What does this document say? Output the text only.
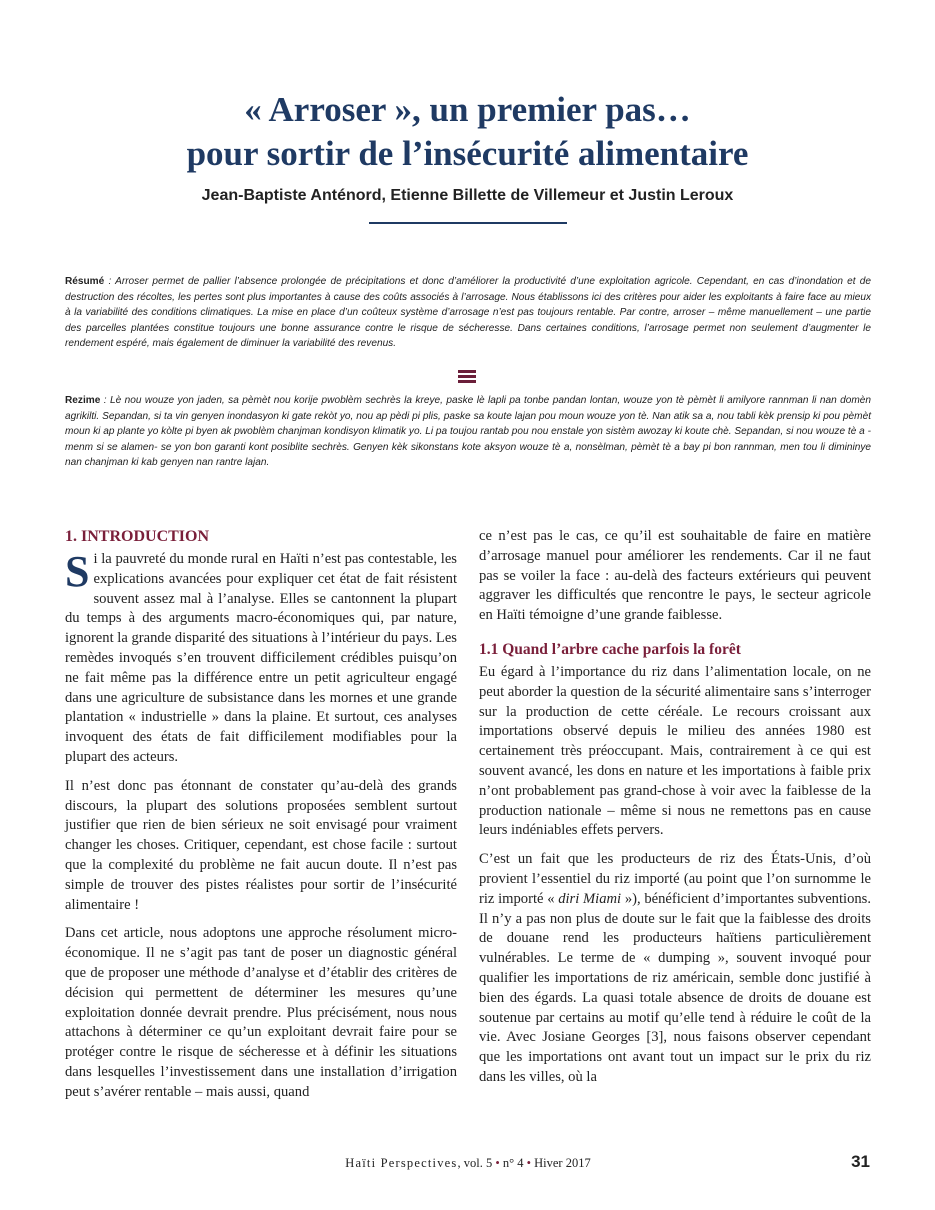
« Arroser », un premier pas…
pour sortir de l’insécurité alimentaire

Jean-Baptiste Anténord, Etienne Billette de Villemeur et Justin Leroux

Résumé : Arroser permet de pallier l’absence prolongée de précipitations et donc d’améliorer la productivité d’une exploitation agricole. Cependant, en cas d’inondation et de destruction des récoltes, les pertes sont plus importantes à cause des coûts associés à l’arrosage. Nous établissons ici des critères pour aider les exploitants à faire face au mieux à la variabilité des conditions climatiques. La mise en place d’un coûteux système d’arrosage n’est pas toujours rentable. Par contre, arroser – même manuellement – une partie des parcelles plantées constitue toujours une bonne assurance contre le risque de sécheresse. Dans certaines conditions, l’arrosage permet non seulement d’augmenter le rendement espéré, mais également de diminuer la variabilité des revenus.

Rezime : Lè nou wouze yon jaden, sa pèmèt nou korije pwoblèm sechrès la kreye, paske lè lapli pa tonbe pandan lontan, wouze yon tè pèmèt li amilyore rannman li nan domèn agrikilti. Sepandan, si ta vin genyen inondasyon ki gate rekòt yo, nou ap pèdi pi plis, paske sa koute lajan pou moun wouze yon tè. Nan atik sa a, nou tabli kèk prensip ki pou pèmèt moun ki ap plante yo kòlte pi byen ak pwoblèm chanjman kondisyon klimatik yo. Li pa toujou rantab pou nou enstale yon sistèm awozay ki koute chè. Sepandan, si nou wouze tè a - menm si se alamen- se yon bon garanti kont posiblite sechrès. Genyen kèk sikonstans kote aksyon wouze tè a, nonsèlman, pèmèt tè a bay pi bon rannman, men tou li dimininye nan chanjman ki kab genyen nan rantre lajan.

1. INTRODUCTION

Si la pauvreté du monde rural en Haïti n’est pas contestable, les explications avancées pour expliquer cet état de fait résistent souvent assez mal à l’analyse. Elles se cantonnent la plupart du temps à des arguments macro-économiques qui, par nature, ignorent la grande disparité des situations à l’intérieur du pays. Les remèdes invoqués s’en trouvent difficilement crédibles puisqu’on ne fait même pas la différence entre un petit agriculteur engagé dans une agriculture de subsistance dans les mornes et une grande plantation « industrielle » dans la plaine. Et surtout, ces analyses invoquent des états de fait difficilement modifiables pour la plupart des acteurs.

Il n’est donc pas étonnant de constater qu’au-delà des grands discours, la plupart des solutions proposées semblent surtout justifier que rien de bien sérieux ne soit envisagé pour vraiment changer les choses. Critiquer, cependant, est chose facile : surtout que la complexité du problème ne fait aucun doute. Il n’est pas simple de trouver des pistes réalistes pour sortir de l’insécurité alimentaire !

Dans cet article, nous adoptons une approche résolument micro-économique. Il ne s’agit pas tant de poser un diagnostic général que de proposer une méthode d’analyse et d’établir des critères de décision qui permettent de déterminer les mesures qu’une exploitation donnée devrait prendre. Plus précisément, nous nous attachons à déterminer ce qu’un exploitant devrait faire pour se protéger contre le risque de sécheresse et à définir les situations dans lesquelles l’investissement dans une installation d’irrigation peut s’avérer rentable – mais aussi, quand

ce n’est pas le cas, ce qu’il est souhaitable de faire en matière d’arrosage manuel pour améliorer les rendements. Car il ne faut pas se voiler la face : au-delà des facteurs extérieurs qui peuvent aggraver les difficultés que rencontre le pays, le secteur agricole en Haïti témoigne d’une grande faiblesse.

1.1 Quand l’arbre cache parfois la forêt

Eu égard à l’importance du riz dans l’alimentation locale, on ne peut aborder la question de la sécurité alimentaire sans s’interroger sur la production de cette céréale. Le recours croissant aux importations observé depuis le milieu des années 1980 est certainement très préoccupant. Mais, contrairement à ce qui est souvent avancé, les dons en nature et les importations à faible prix n’ont probablement pas grand-chose à voir avec la faiblesse de la production nationale – même si nous ne remettons pas en cause leurs indéniables effets pervers.

C’est un fait que les producteurs de riz des États-Unis, d’où provient l’essentiel du riz importé (au point que l’on surnomme le riz importé « diri Miami »), bénéficient d’importantes subventions. Il n’y a pas non plus de doute sur le fait que la faiblesse des droits de douane rend les producteurs haïtiens particulièrement vulnérables. Le terme de « dumping », souvent invoqué pour qualifier les importations de riz américain, semble donc justifié à bien des égards. La quasi totale absence de droits de douane est soutenue par certains au motif qu’elle tend à réduire le coût de la vie. Avec Josiane Georges [3], nous faisons observer cependant que les importations ont avant tout un impact sur le prix du riz dans les villes, où la

Haïti Perspectives, vol. 5 • n° 4 • Hiver 2017	31
